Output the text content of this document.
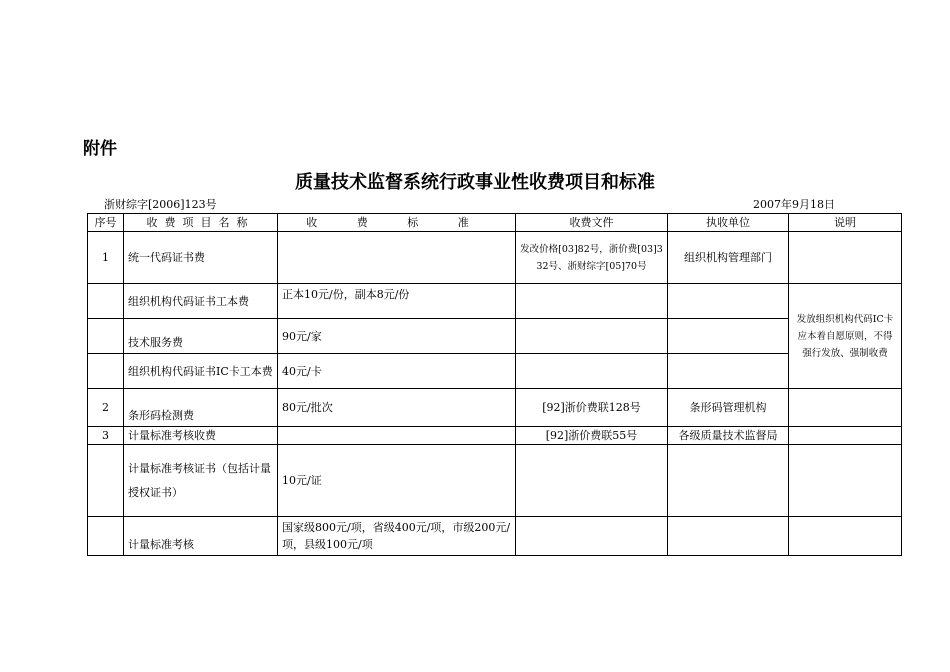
附件
质量技术监督系统行政事业性收费项目和标准
浙财综字[2006]123号	2007年9月18日
序号	收费项目名称	收 费 标 准	收费文件	执收单位	说明
1	统一代码证书费		发改价格[03]82号，浙价费[03]332号、浙财综字[05]70号	组织机构管理部门	
	组织机构代码证书工本费	正本10元/份，副本8元/份			发放组织机构代码IC卡应本着自愿原则，不得强行发放、强制收费
	技术服务费	90元/家			
	组织机构代码证书IC卡工本费	40元/卡			
2	条形码检测费	80元/批次	[92]浙价费联128号	条形码管理机构	
3	计量标准考核收费		[92]浙价费联55号	各级质量技术监督局	
	计量标准考核证书（包括计量授权证书）	10元/证			
	计量标准考核	国家级800元/项，省级400元/项，市级200元/项，县级100元/项			
